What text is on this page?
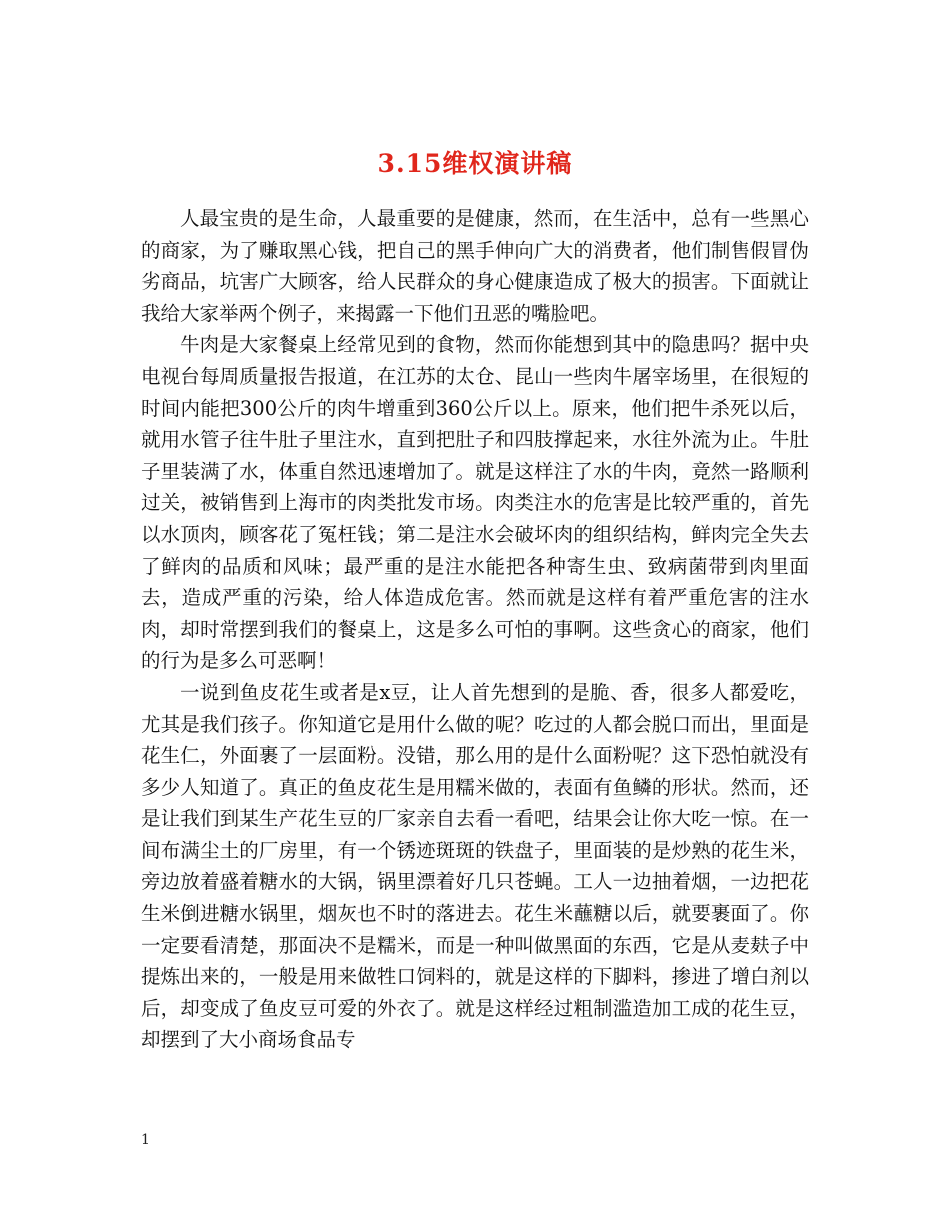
3.15维权演讲稿

人最宝贵的是生命，人最重要的是健康，然而，在生活中，总有一些黑心的商家，为了赚取黑心钱，把自己的黑手伸向广大的消费者，他们制售假冒伪劣商品，坑害广大顾客，给人民群众的身心健康造成了极大的损害。下面就让我给大家举两个例子，来揭露一下他们丑恶的嘴脸吧。

牛肉是大家餐桌上经常见到的食物，然而你能想到其中的隐患吗？据中央电视台每周质量报告报道，在江苏的太仓、昆山一些肉牛屠宰场里，在很短的时间内能把300公斤的肉牛增重到360公斤以上。原来，他们把牛杀死以后，就用水管子往牛肚子里注水，直到把肚子和四肢撑起来，水往外流为止。牛肚子里装满了水，体重自然迅速增加了。就是这样注了水的牛肉，竟然一路顺利过关，被销售到上海市的肉类批发市场。肉类注水的危害是比较严重的，首先以水顶肉，顾客花了冤枉钱；第二是注水会破坏肉的组织结构，鲜肉完全失去了鲜肉的品质和风味；最严重的是注水能把各种寄生虫、致病菌带到肉里面去，造成严重的污染，给人体造成危害。然而就是这样有着严重危害的注水肉，却时常摆到我们的餐桌上，这是多么可怕的事啊。这些贪心的商家，他们的行为是多么可恶啊！

一说到鱼皮花生或者是x豆，让人首先想到的是脆、香，很多人都爱吃，尤其是我们孩子。你知道它是用什么做的呢？吃过的人都会脱口而出，里面是花生仁，外面裹了一层面粉。没错，那么用的是什么面粉呢？这下恐怕就没有多少人知道了。真正的鱼皮花生是用糯米做的，表面有鱼鳞的形状。然而，还是让我们到某生产花生豆的厂家亲自去看一看吧，结果会让你大吃一惊。在一间布满尘土的厂房里，有一个锈迹斑斑的铁盘子，里面装的是炒熟的花生米，旁边放着盛着糖水的大锅，锅里漂着好几只苍蝇。工人一边抽着烟，一边把花生米倒进糖水锅里，烟灰也不时的落进去。花生米蘸糖以后，就要裹面了。你一定要看清楚，那面决不是糯米，而是一种叫做黑面的东西，它是从麦麸子中提炼出来的，一般是用来做牲口饲料的，就是这样的下脚料，掺进了增白剂以后，却变成了鱼皮豆可爱的外衣了。就是这样经过粗制滥造加工成的花生豆，却摆到了大小商场食品专

1
